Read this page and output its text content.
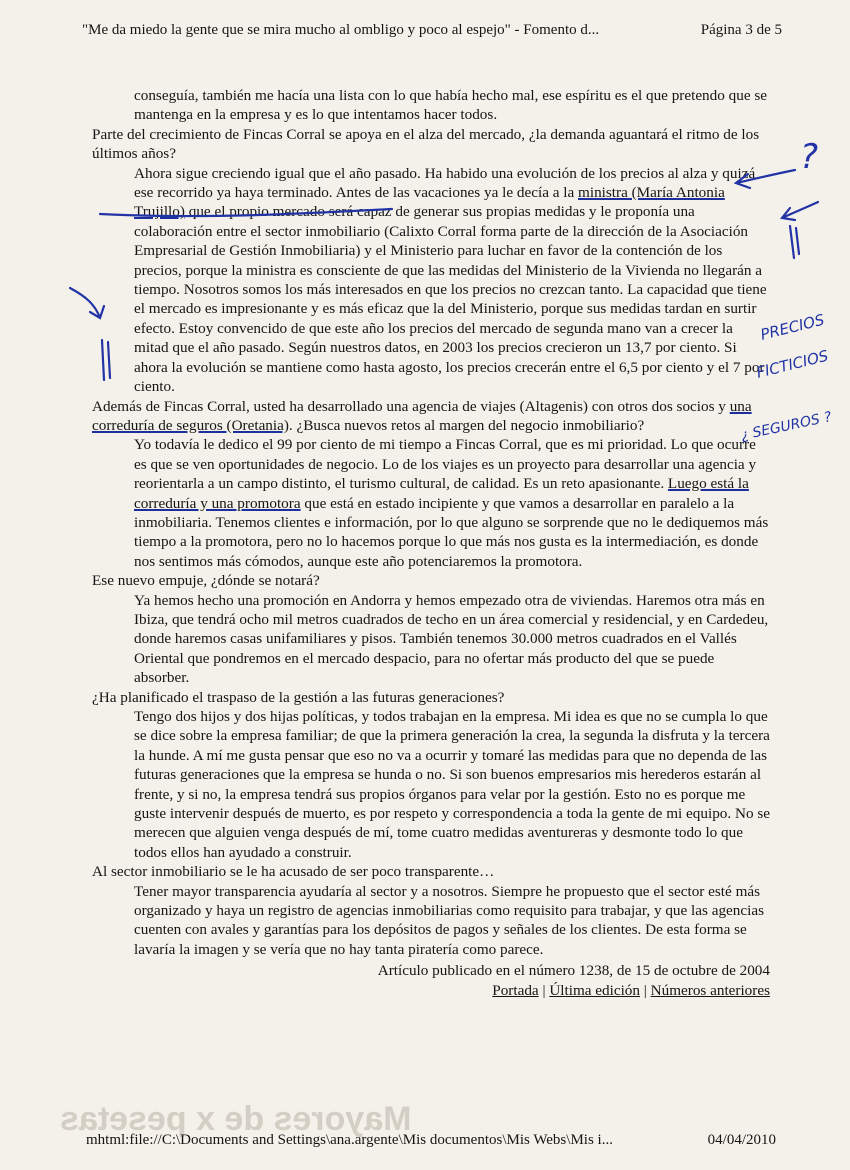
"Me da miedo la gente que se mira mucho al ombligo y poco al espejo" - Fomento d...	Página 3 de 5
Mayores de x pesetas

conseguía, también me hacía una lista con lo que había hecho mal, ese espíritu es el que pretendo que se mantenga en la empresa y es lo que intentamos hacer todos.

Parte del crecimiento de Fincas Corral se apoya en el alza del mercado, ¿la demanda aguantará el ritmo de los últimos años?

Ahora sigue creciendo igual que el año pasado. Ha habido una evolución de los precios al alza y quizá ese recorrido ya haya terminado. Antes de las vacaciones ya le decía a la ministra (María Antonia Trujillo) que el propio mercado será capaz de generar sus propias medidas y le proponía una colaboración entre el sector inmobiliario (Calixto Corral forma parte de la dirección de la Asociación Empresarial de Gestión Inmobiliaria) y el Ministerio para luchar en favor de la contención de los precios, porque la ministra es consciente de que las medidas del Ministerio de la Vivienda no llegarán a tiempo. Nosotros somos los más interesados en que los precios no crezcan tanto. La capacidad que tiene el mercado es impresionante y es más eficaz que la del Ministerio, porque sus medidas tardan en surtir efecto. Estoy convencido de que este año los precios del mercado de segunda mano van a crecer la mitad que el año pasado. Según nuestros datos, en 2003 los precios crecieron un 13,7 por ciento. Si ahora la evolución se mantiene como hasta agosto, los precios crecerán entre el 6,5 por ciento y el 7 por ciento.

Además de Fincas Corral, usted ha desarrollado una agencia de viajes (Altagenis) con otros dos socios y una correduría de seguros (Oretania). ¿Busca nuevos retos al margen del negocio inmobiliario?

Yo todavía le dedico el 99 por ciento de mi tiempo a Fincas Corral, que es mi prioridad. Lo que ocurre es que se ven oportunidades de negocio. Lo de los viajes es un proyecto para desarrollar una agencia y reorientarla a un campo distinto, el turismo cultural, de calidad. Es un reto apasionante. Luego está la correduría y una promotora que está en estado incipiente y que vamos a desarrollar en paralelo a la inmobiliaria. Tenemos clientes e información, por lo que alguno se sorprende que no le dediquemos más tiempo a la promotora, pero no lo hacemos porque lo que más nos gusta es la intermediación, es donde nos sentimos más cómodos, aunque este año potenciaremos la promotora.

Ese nuevo empuje, ¿dónde se notará?

Ya hemos hecho una promoción en Andorra y hemos empezado otra de viviendas. Haremos otra más en Ibiza, que tendrá ocho mil metros cuadrados de techo en un área comercial y residencial, y en Cardedeu, donde haremos casas unifamiliares y pisos. También tenemos 30.000 metros cuadrados en el Vallés Oriental que pondremos en el mercado despacio, para no ofertar más producto del que se puede absorber.

¿Ha planificado el traspaso de la gestión a las futuras generaciones?

Tengo dos hijos y dos hijas políticas, y todos trabajan en la empresa. Mi idea es que no se cumpla lo que se dice sobre la empresa familiar; de que la primera generación la crea, la segunda la disfruta y la tercera la hunde. A mí me gusta pensar que eso no va a ocurrir y tomaré las medidas para que no dependa de las futuras generaciones que la empresa se hunda o no. Si son buenos empresarios mis herederos estarán al frente, y si no, la empresa tendrá sus propios órganos para velar por la gestión. Esto no es porque me guste intervenir después de muerto, es por respeto y correspondencia a toda la gente de mi equipo. No se merecen que alguien venga después de mí, tome cuatro medidas aventureras y desmonte todo lo que todos ellos han ayudado a construir.

Al sector inmobiliario se le ha acusado de ser poco transparente…

Tener mayor transparencia ayudaría al sector y a nosotros. Siempre he propuesto que el sector esté más organizado y haya un registro de agencias inmobiliarias como requisito para trabajar, y que las agencias cuenten con avales y garantías para los depósitos de pagos y señales de los clientes. De esta forma se lavaría la imagen y se vería que no hay tanta piratería como parece.

Artículo publicado en el número 1238, de 15 de octubre de 2004

Portada | Última edición | Números anteriores

mhtml:file://C:\Documents and Settings\ana.argente\Mis documentos\Mis Webs\Mis i...	04/04/2010
?
PRECIOS
FICTICIOS
¿ SEGUROS ?
